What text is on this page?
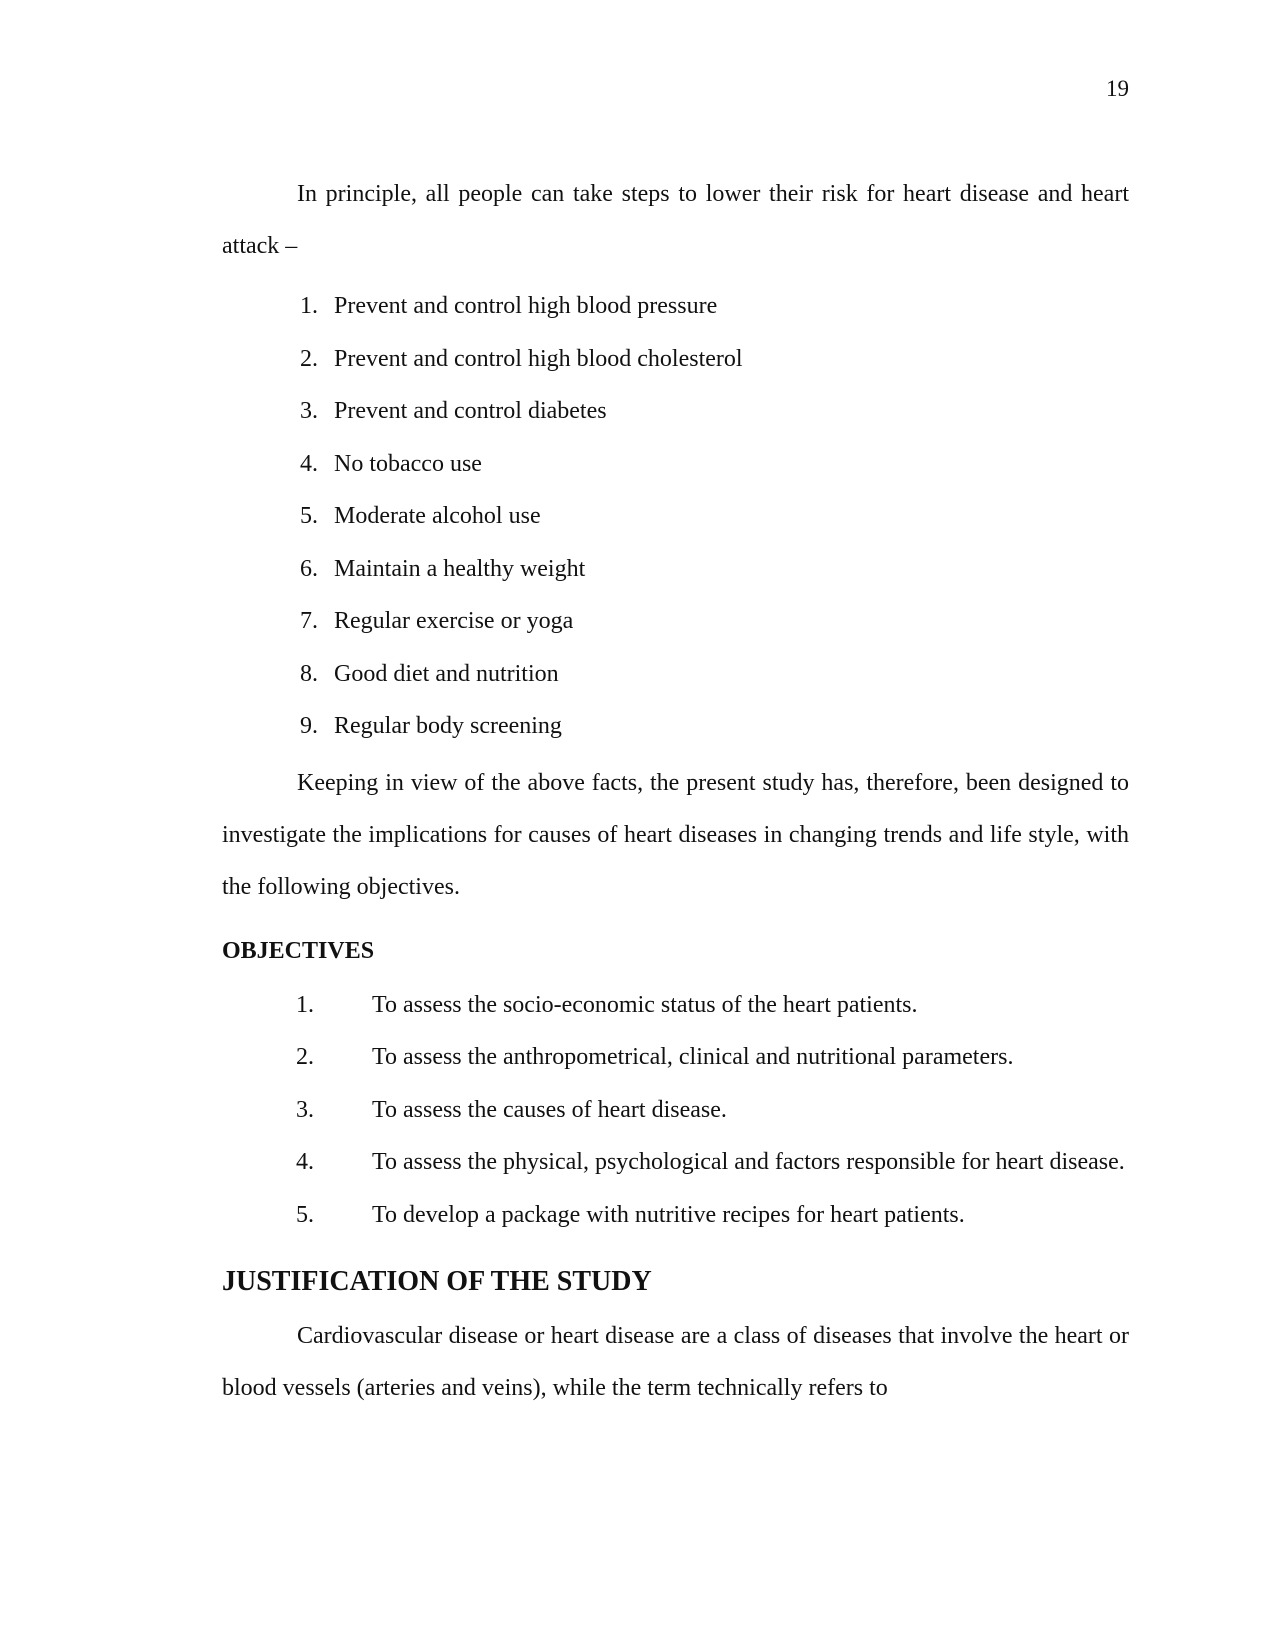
19

In principle, all people can take steps to lower their risk for heart disease and heart attack –

1. Prevent and control high blood pressure
2. Prevent and control high blood cholesterol
3. Prevent and control diabetes
4. No tobacco use
5. Moderate alcohol use
6. Maintain a healthy weight
7. Regular exercise or yoga
8. Good diet and nutrition
9. Regular body screening

Keeping in view of the above facts, the present study has, therefore, been designed to investigate the implications for causes of heart diseases in changing trends and life style, with the following objectives.

OBJECTIVES
1.	To assess the socio-economic status of the heart patients.
2.	To assess the anthropometrical, clinical and nutritional parameters.
3.	To assess the causes of heart disease.
4.	To assess the physical, psychological and factors responsible for heart disease.
5.	To develop a package with nutritive recipes for heart patients.
JUSTIFICATION OF THE STUDY

Cardiovascular disease or heart disease are a class of diseases that involve the heart or blood vessels (arteries and veins), while the term technically refers to
